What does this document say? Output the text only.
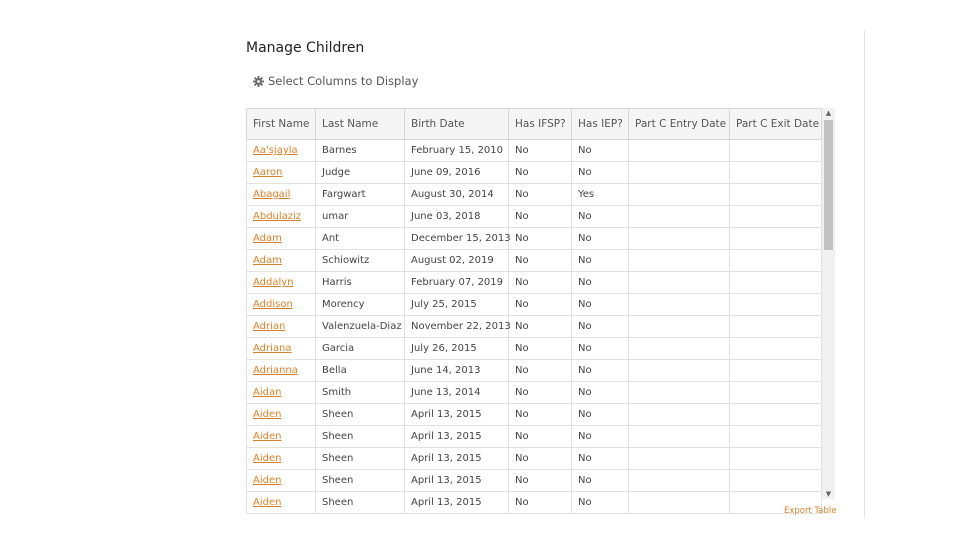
Manage Children
Select Columns to Display
First Name	Last Name	Birth Date	Has IFSP?	Has IEP?	Part C Entry Date	Part C Exit Date
Aa'sjayla	Barnes	February 15, 2010	No	No		
Aaron	Judge	June 09, 2016	No	No		
Abagail	Fargwart	August 30, 2014	No	Yes		
Abdulaziz	umar	June 03, 2018	No	No		
Adam	Ant	December 15, 2013	No	No		
Adam	Schiowitz	August 02, 2019	No	No		
Addalyn	Harris	February 07, 2019	No	No		
Addison	Morency	July 25, 2015	No	No		
Adrian	Valenzuela-Diaz	November 22, 2013	No	No		
Adriana	Garcia	July 26, 2015	No	No		
Adrianna	Bella	June 14, 2013	No	No		
Aidan	Smith	June 13, 2014	No	No		
Aiden	Sheen	April 13, 2015	No	No		
Aiden	Sheen	April 13, 2015	No	No		
Aiden	Sheen	April 13, 2015	No	No		
Aiden	Sheen	April 13, 2015	No	No		
Aiden	Sheen	April 13, 2015	No	No		
▲
▼
Export Table
